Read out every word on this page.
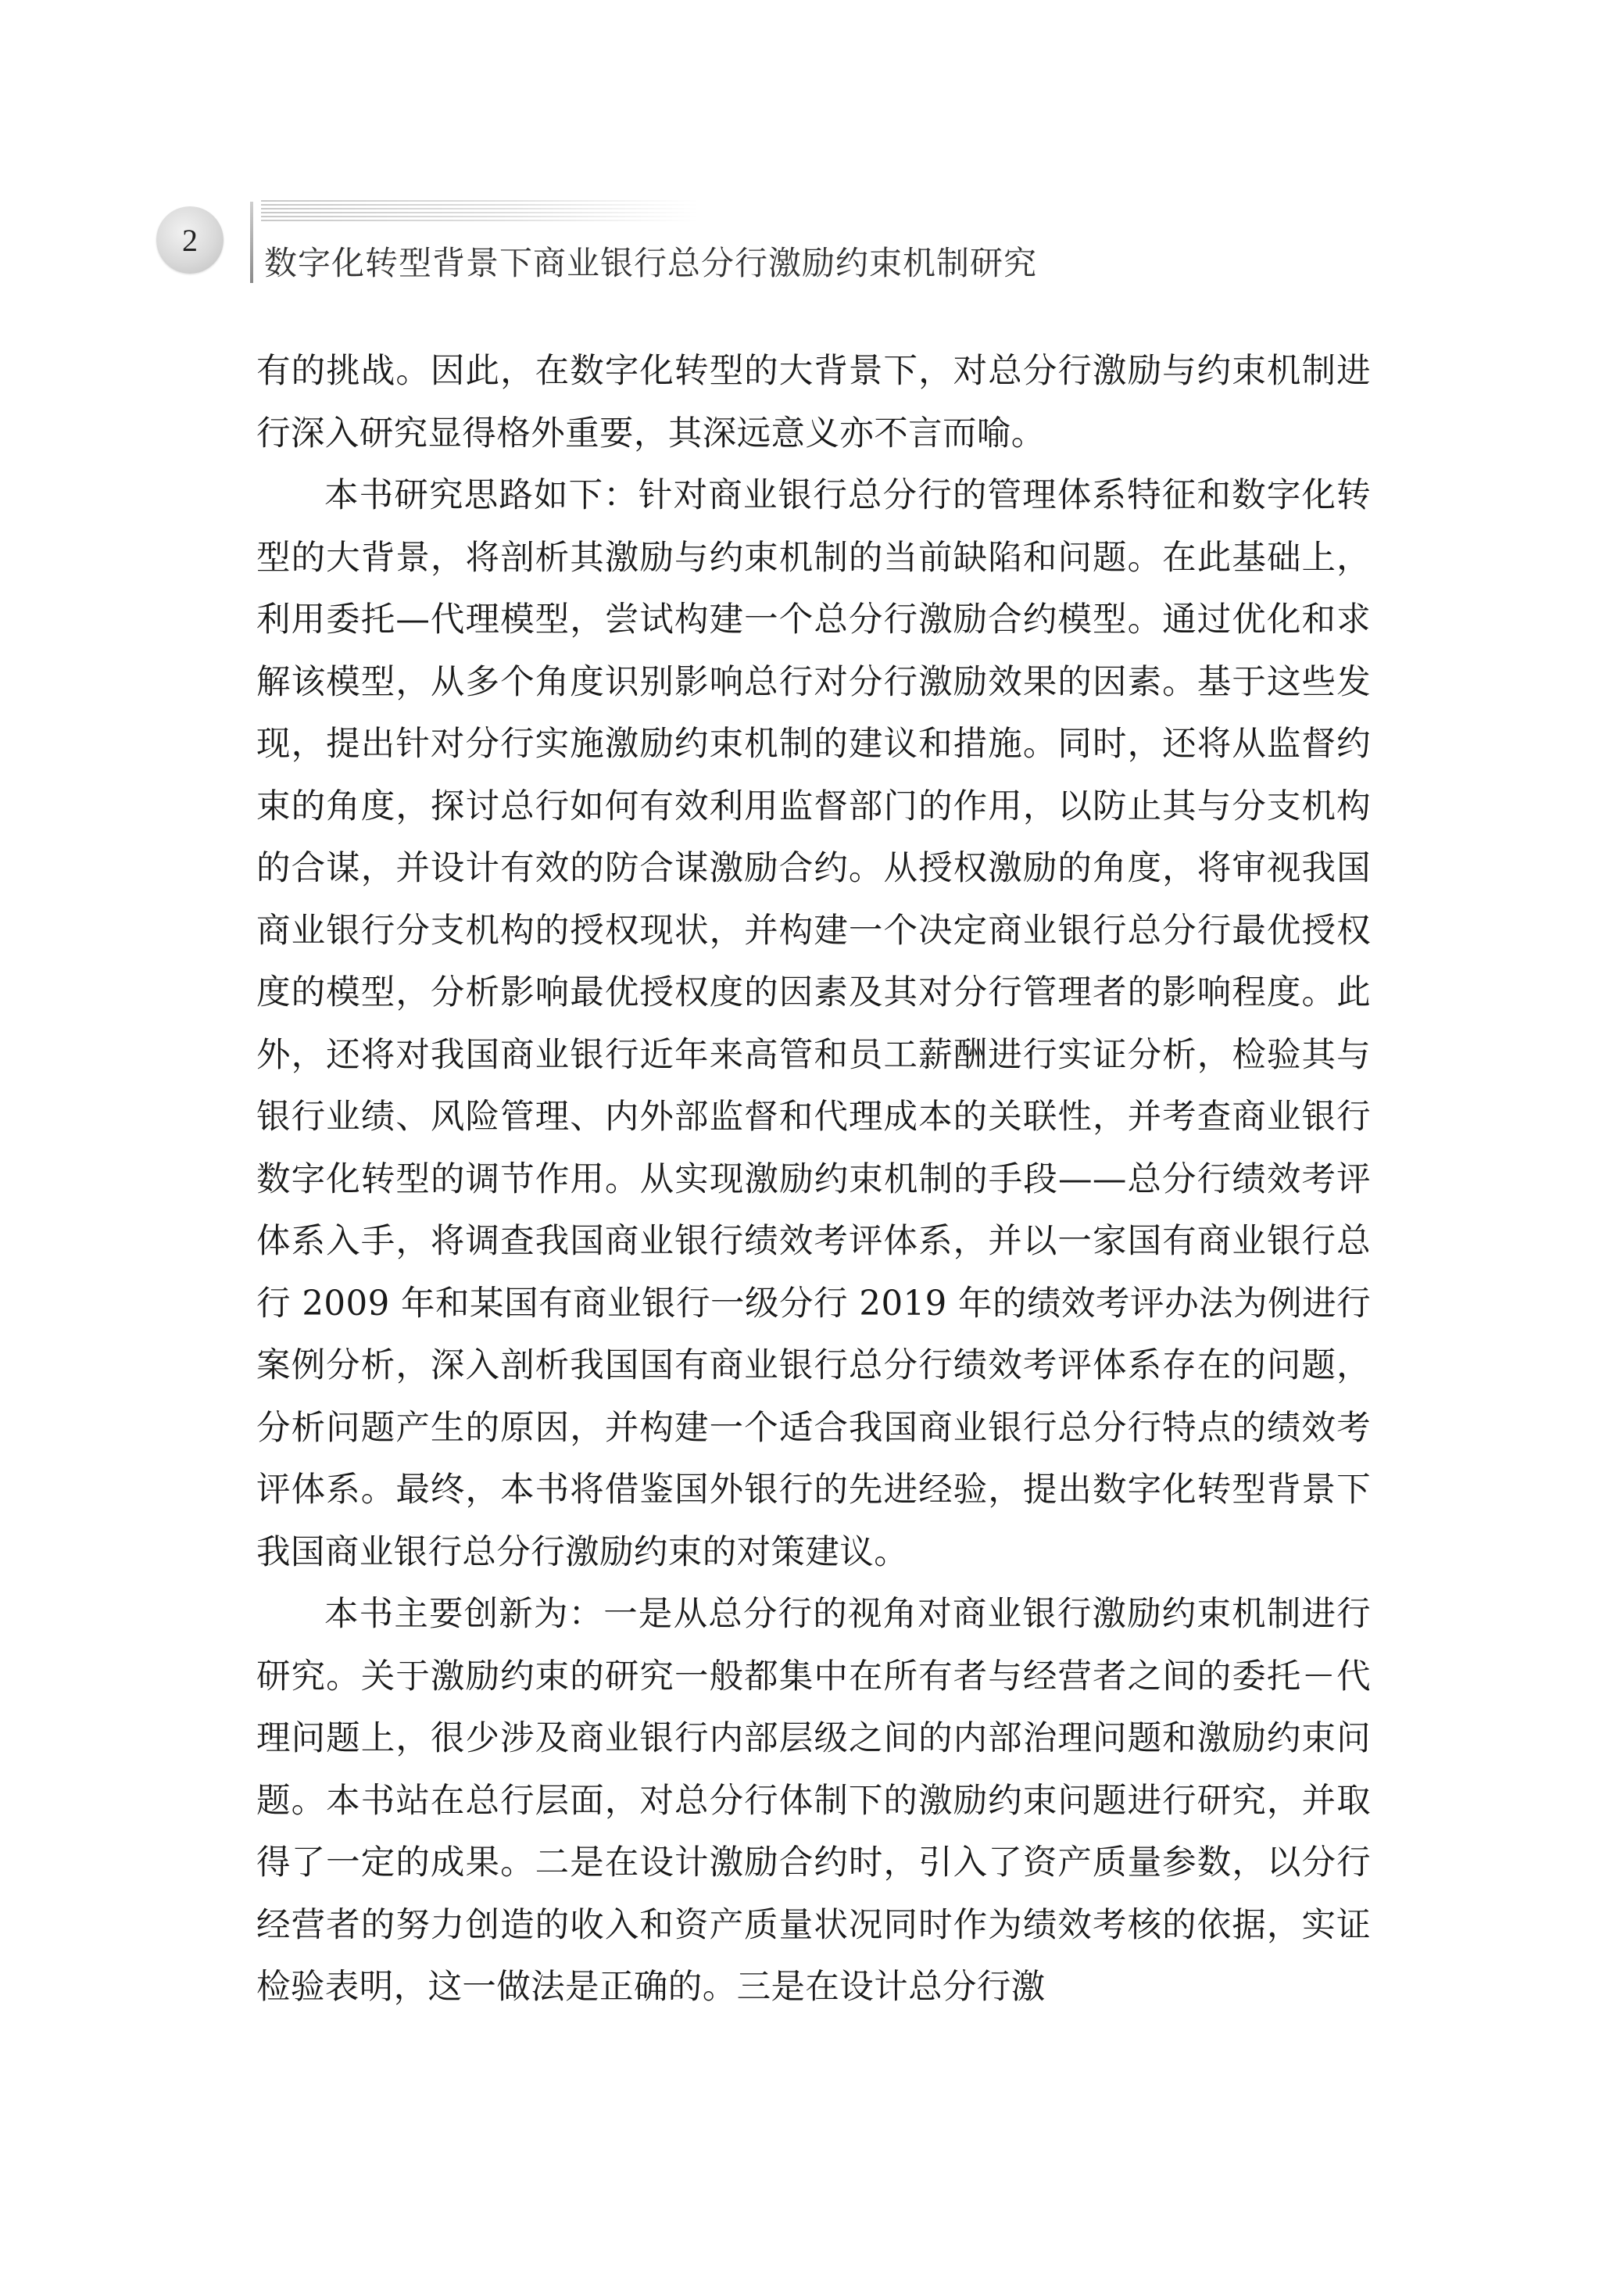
2
数字化转型背景下商业银行总分行激励约束机制研究

有的挑战。因此，在数字化转型的大背景下，对总分行激励与约束机制进行深入研究显得格外重要，其深远意义亦不言而喻。

本书研究思路如下：针对商业银行总分行的管理体系特征和数字化转型的大背景，将剖析其激励与约束机制的当前缺陷和问题。在此基础上，利用委托—代理模型，尝试构建一个总分行激励合约模型。通过优化和求解该模型，从多个角度识别影响总行对分行激励效果的因素。基于这些发现，提出针对分行实施激励约束机制的建议和措施。同时，还将从监督约束的角度，探讨总行如何有效利用监督部门的作用，以防止其与分支机构的合谋，并设计有效的防合谋激励合约。从授权激励的角度，将审视我国商业银行分支机构的授权现状，并构建一个决定商业银行总分行最优授权度的模型，分析影响最优授权度的因素及其对分行管理者的影响程度。此外，还将对我国商业银行近年来高管和员工薪酬进行实证分析，检验其与银行业绩、风险管理、内外部监督和代理成本的关联性，并考查商业银行数字化转型的调节作用。从实现激励约束机制的手段——总分行绩效考评体系入手，将调查我国商业银行绩效考评体系，并以一家国有商业银行总行 2009 年和某国有商业银行一级分行 2019 年的绩效考评办法为例进行案例分析，深入剖析我国国有商业银行总分行绩效考评体系存在的问题，分析问题产生的原因，并构建一个适合我国商业银行总分行特点的绩效考评体系。最终，本书将借鉴国外银行的先进经验，提出数字化转型背景下我国商业银行总分行激励约束的对策建议。

本书主要创新为：一是从总分行的视角对商业银行激励约束机制进行研究。关于激励约束的研究一般都集中在所有者与经营者之间的委托－代理问题上，很少涉及商业银行内部层级之间的内部治理问题和激励约束问题。本书站在总行层面，对总分行体制下的激励约束问题进行研究，并取得了一定的成果。二是在设计激励合约时，引入了资产质量参数，以分行经营者的努力创造的收入和资产质量状况同时作为绩效考核的依据，实证检验表明，这一做法是正确的。三是在设计总分行激
